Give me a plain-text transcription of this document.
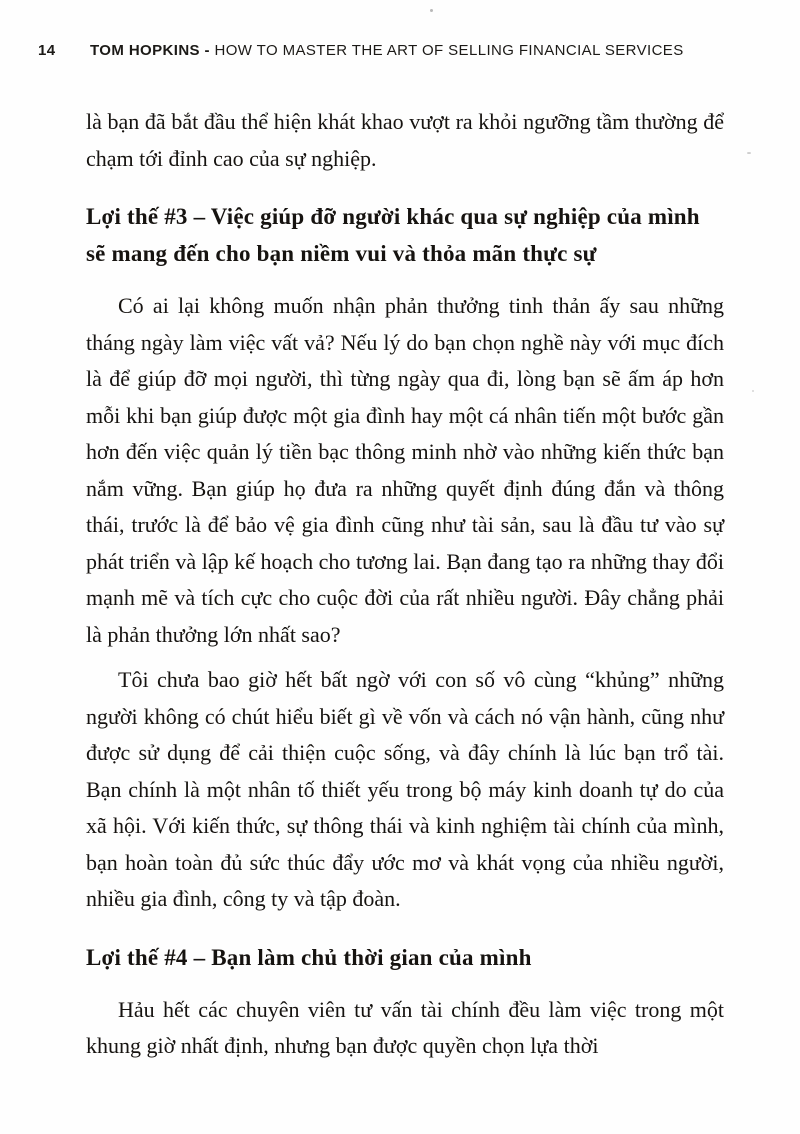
14 TOM HOPKINS - HOW TO MASTER THE ART OF SELLING FINANCIAL SERVICES

là bạn đã bắt đầu thể hiện khát khao vượt ra khỏi ngưỡng tầm thường để chạm tới đỉnh cao của sự nghiệp.

Lợi thế #3 – Việc giúp đỡ người khác qua sự nghiệp của mình sẽ mang đến cho bạn niềm vui và thỏa mãn thực sự

Có ai lại không muốn nhận phản thưởng tinh thản ấy sau những tháng ngày làm việc vất vả? Nếu lý do bạn chọn nghề này với mục đích là để giúp đỡ mọi người, thì từng ngày qua đi, lòng bạn sẽ ấm áp hơn mỗi khi bạn giúp được một gia đình hay một cá nhân tiến một bước gần hơn đến việc quản lý tiền bạc thông minh nhờ vào những kiến thức bạn nắm vững. Bạn giúp họ đưa ra những quyết định đúng đắn và thông thái, trước là để bảo vệ gia đình cũng như tài sản, sau là đầu tư vào sự phát triển và lập kế hoạch cho tương lai. Bạn đang tạo ra những thay đổi mạnh mẽ và tích cực cho cuộc đời của rất nhiều người. Đây chẳng phải là phản thưởng lớn nhất sao?

Tôi chưa bao giờ hết bất ngờ với con số vô cùng “khủng” những người không có chút hiểu biết gì về vốn và cách nó vận hành, cũng như được sử dụng để cải thiện cuộc sống, và đây chính là lúc bạn trổ tài. Bạn chính là một nhân tố thiết yếu trong bộ máy kinh doanh tự do của xã hội. Với kiến thức, sự thông thái và kinh nghiệm tài chính của mình, bạn hoàn toàn đủ sức thúc đẩy ước mơ và khát vọng của nhiều người, nhiều gia đình, công ty và tập đoàn.

Lợi thế #4 – Bạn làm chủ thời gian của mình

Hảu hết các chuyên viên tư vấn tài chính đều làm việc trong một khung giờ nhất định, nhưng bạn được quyền chọn lựa thời
